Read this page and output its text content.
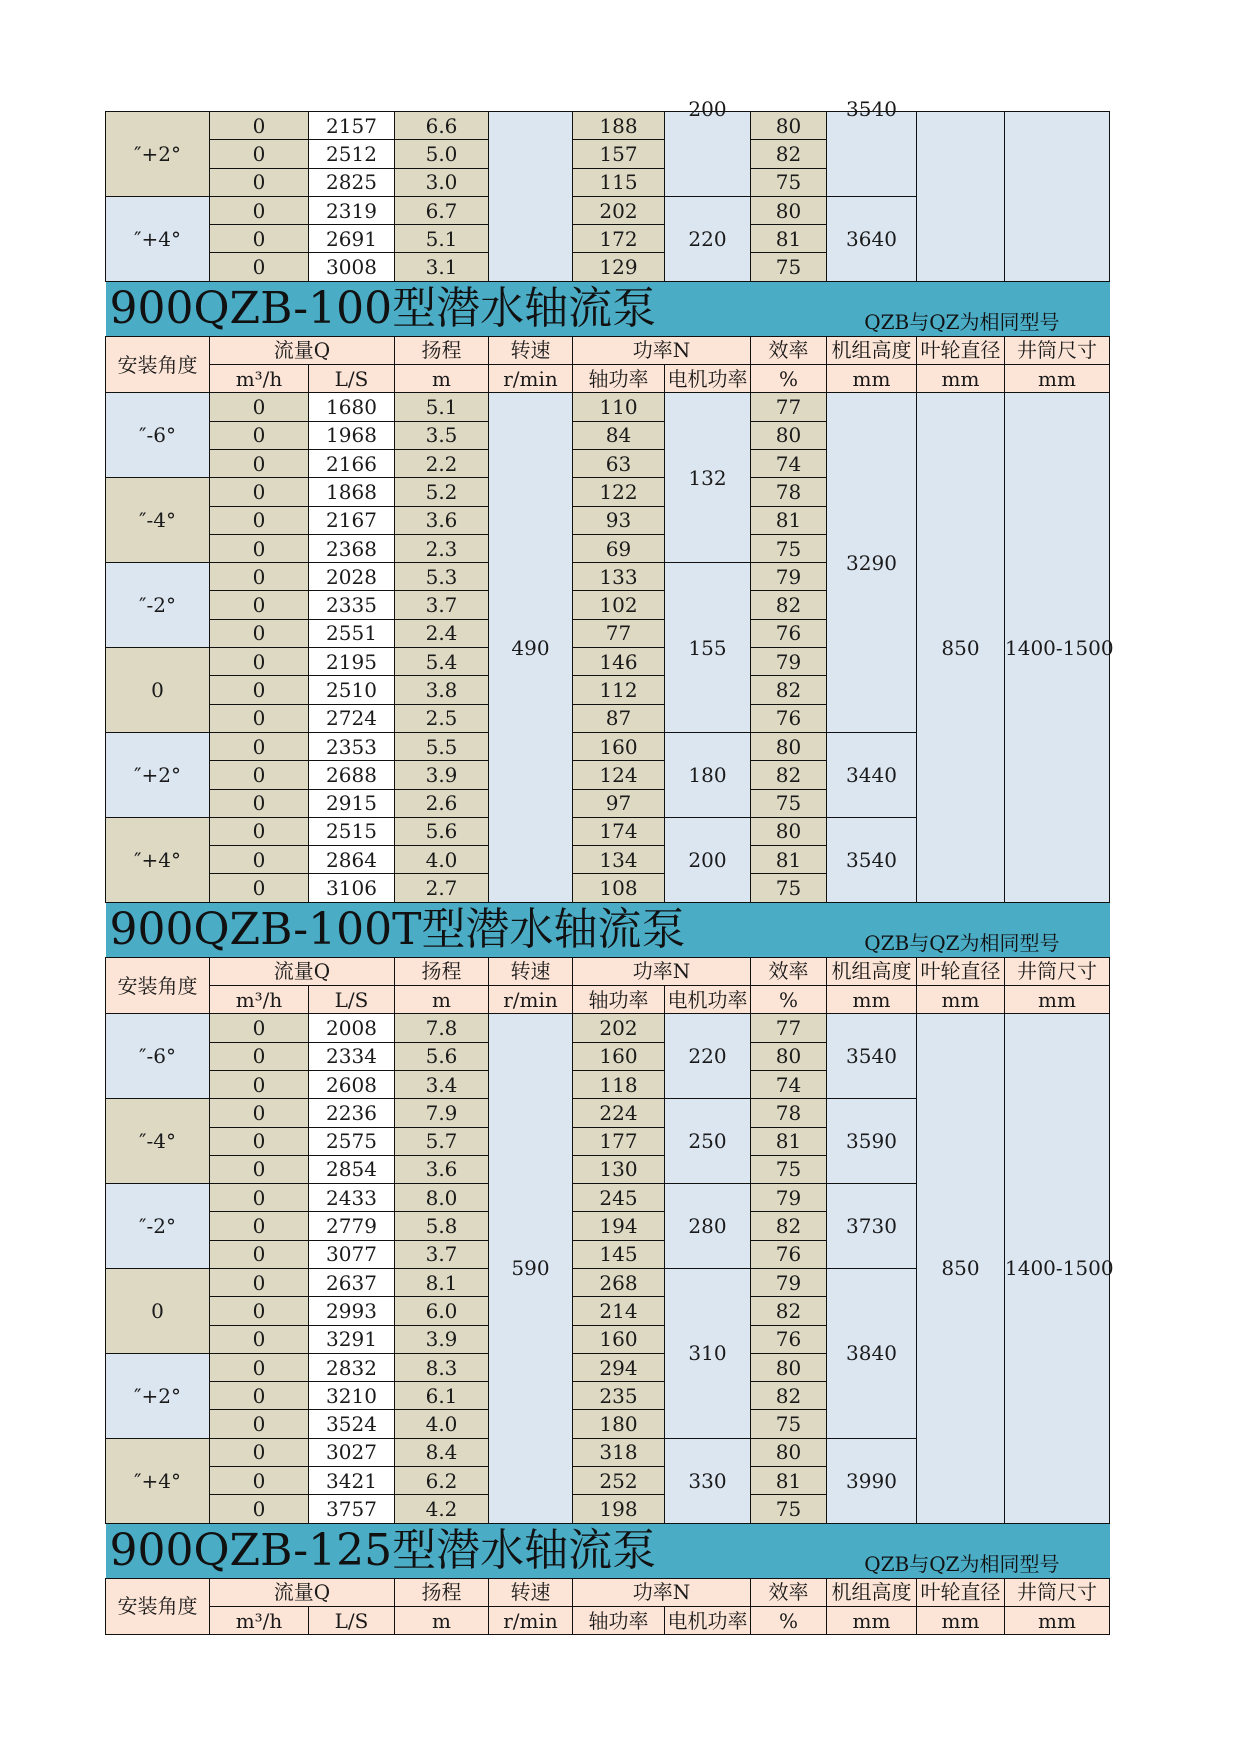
″+2°	0	2157	6.6		188	200	80	3540		

	0	2512	5.0		157		82			
	0	2825	3.0		115		75			
″+4°	0	2319	6.7		202	220	80	3640		
	0	2691	5.1		172		81			
	0	3008	3.1		129		75			

900QZB-100型潜水轴流泵 QZB与QZ为相同型号										

安装角度	流量Q		扬程	转速	功率N		效率	机组高度	叶轮直径	井筒尺寸
	m³/h	L/S	m	r/min	轴功率	电机功率	%	mm	mm	mm
″-6°	0	1680	5.1	490	110	132	77	3290	850	1400-1500
	0	1968	3.5		84		80			
	0	2166	2.2		63		74			
″-4°	0	1868	5.2		122		78			
	0	2167	3.6		93		81			
	0	2368	2.3		69		75			
″-2°	0	2028	5.3		133	155	79			
	0	2335	3.7		102		82			
	0	2551	2.4		77		76			
0	0	2195	5.4		146		79			
	0	2510	3.8		112		82			
	0	2724	2.5		87		76			
″+2°	0	2353	5.5		160	180	80	3440		
	0	2688	3.9		124		82			
	0	2915	2.6		97		75			
″+4°	0	2515	5.6		174	200	80	3540		
	0	2864	4.0		134		81			
	0	3106	2.7		108		75			

900QZB-100T型潜水轴流泵 QZB与QZ为相同型号										

安装角度	流量Q		扬程	转速	功率N		效率	机组高度	叶轮直径	井筒尺寸
	m³/h	L/S	m	r/min	轴功率	电机功率	%	mm	mm	mm
″-6°	0	2008	7.8	590	202	220	77	3540	850	1400-1500
	0	2334	5.6		160		80			
	0	2608	3.4		118		74			
″-4°	0	2236	7.9		224	250	78	3590		
	0	2575	5.7		177		81			
	0	2854	3.6		130		75			
″-2°	0	2433	8.0		245	280	79	3730		
	0	2779	5.8		194		82			
	0	3077	3.7		145		76			
0	0	2637	8.1		268	310	79	3840		
	0	2993	6.0		214		82			
	0	3291	3.9		160		76			
″+2°	0	2832	8.3		294		80			
	0	3210	6.1		235		82			
	0	3524	4.0		180		75			
″+4°	0	3027	8.4		318	330	80	3990		
	0	3421	6.2		252		81			
	0	3757	4.2		198		75			

900QZB-125型潜水轴流泵 QZB与QZ为相同型号										

安装角度	流量Q		扬程	转速	功率N		效率	机组高度	叶轮直径	井筒尺寸
	m³/h	L/S	m	r/min	轴功率	电机功率	%	mm	mm	mm
